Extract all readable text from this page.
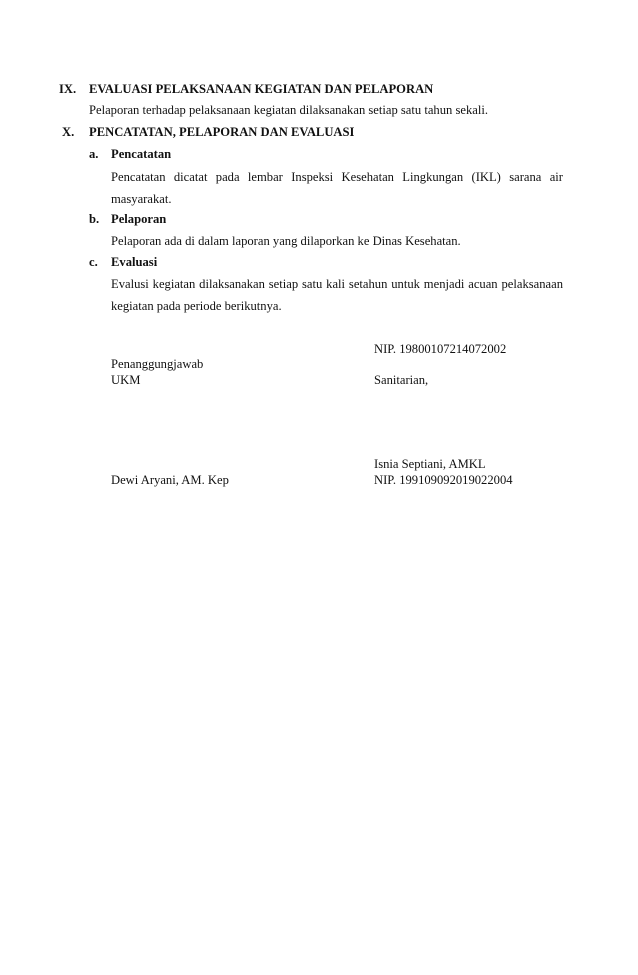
IX. EVALUASI PELAKSANAAN KEGIATAN DAN PELAPORAN
Pelaporan terhadap pelaksanaan kegiatan dilaksanakan setiap satu tahun sekali.
X. PENCATATAN, PELAPORAN DAN EVALUASI
a. Pencatatan
Pencatatan dicatat pada lembar Inspeksi Kesehatan Lingkungan (IKL) sarana air
masyarakat.
b. Pelaporan
Pelaporan ada di dalam laporan yang dilaporkan ke Dinas Kesehatan.
c. Evaluasi
Evalusi kegiatan dilaksanakan setiap satu kali setahun untuk menjadi acuan pelaksanaan
kegiatan pada periode berikutnya.
NIP. 19800107214072002
Penanggungjawab
UKM	Sanitarian,
Isnia Septiani, AMKL
Dewi Aryani, AM. Kep	NIP. 199109092019022004
